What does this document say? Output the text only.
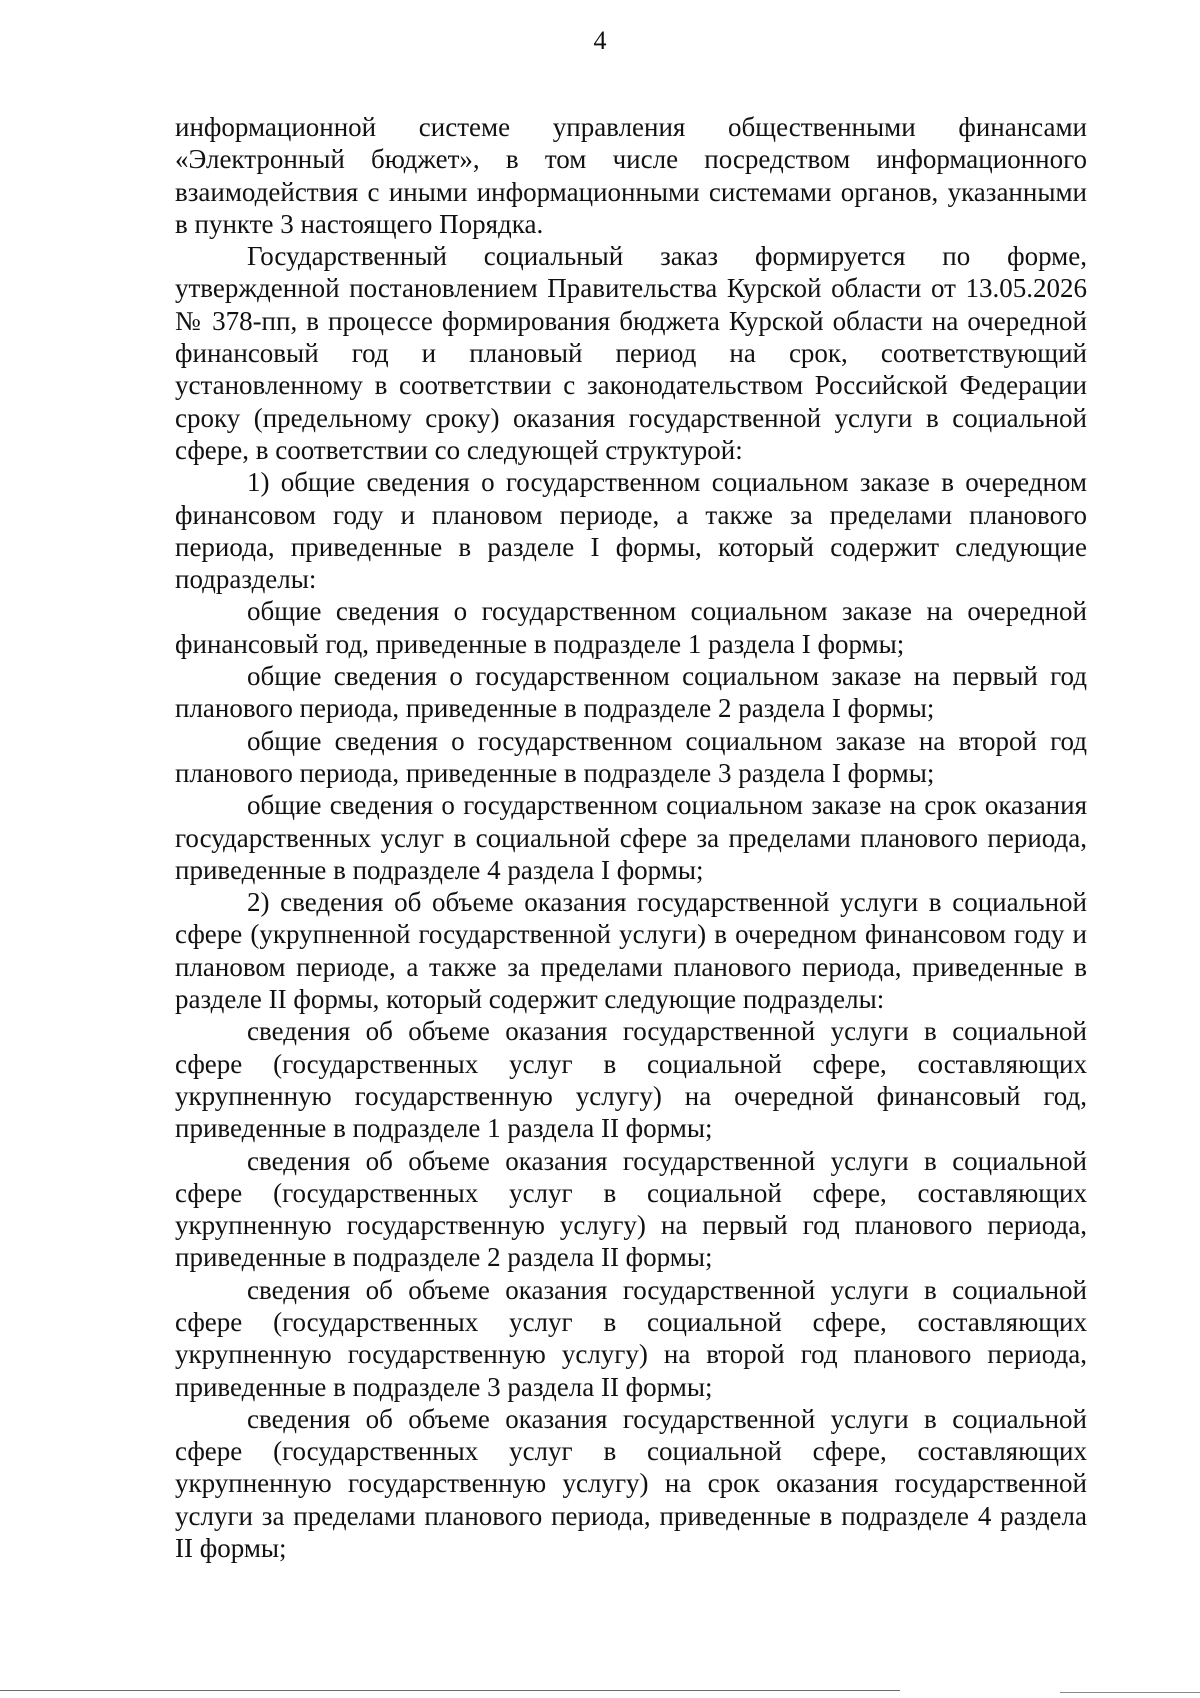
4

информационной системе управления общественными финансами «Электронный бюджет», в том числе посредством информационного взаимодействия с иными информационными системами органов, указанными в пункте 3 настоящего Порядка.

Государственный социальный заказ формируется по форме, утвержденной постановлением Правительства Курской области от 13.05.2026 № 378-пп, в процессе формирования бюджета Курской области на очередной финансовый год и плановый период на срок, соответствующий установленному в соответствии с законодательством Российской Федерации сроку (предельному сроку) оказания государственной услуги в социальной сфере, в соответствии со следующей структурой:

1) общие сведения о государственном социальном заказе в очередном финансовом году и плановом периоде, а также за пределами планового периода, приведенные в разделе I формы, который содержит следующие подразделы:

общие сведения о государственном социальном заказе на очередной финансовый год, приведенные в подразделе 1 раздела I формы;

общие сведения о государственном социальном заказе на первый год планового периода, приведенные в подразделе 2 раздела I формы;

общие сведения о государственном социальном заказе на второй год планового периода, приведенные в подразделе 3 раздела I формы;

общие сведения о государственном социальном заказе на срок оказания государственных услуг в социальной сфере за пределами планового периода, приведенные в подразделе 4 раздела I формы;

2) сведения об объеме оказания государственной услуги в социальной сфере (укрупненной государственной услуги) в очередном финансовом году и плановом периоде, а также за пределами планового периода, приведенные в разделе II формы, который содержит следующие подразделы:

сведения об объеме оказания государственной услуги в социальной сфере (государственных услуг в социальной сфере, составляющих укрупненную государственную услугу) на очередной финансовый год, приведенные в подразделе 1 раздела II формы;

сведения об объеме оказания государственной услуги в социальной сфере (государственных услуг в социальной сфере, составляющих укрупненную государственную услугу) на первый год планового периода, приведенные в подразделе 2 раздела II формы;

сведения об объеме оказания государственной услуги в социальной сфере (государственных услуг в социальной сфере, составляющих укрупненную государственную услугу) на второй год планового периода, приведенные в подразделе 3 раздела II формы;

сведения об объеме оказания государственной услуги в социальной сфере (государственных услуг в социальной сфере, составляющих укрупненную государственную услугу) на срок оказания государственной услуги за пределами планового периода, приведенные в подразделе 4 раздела II формы;
